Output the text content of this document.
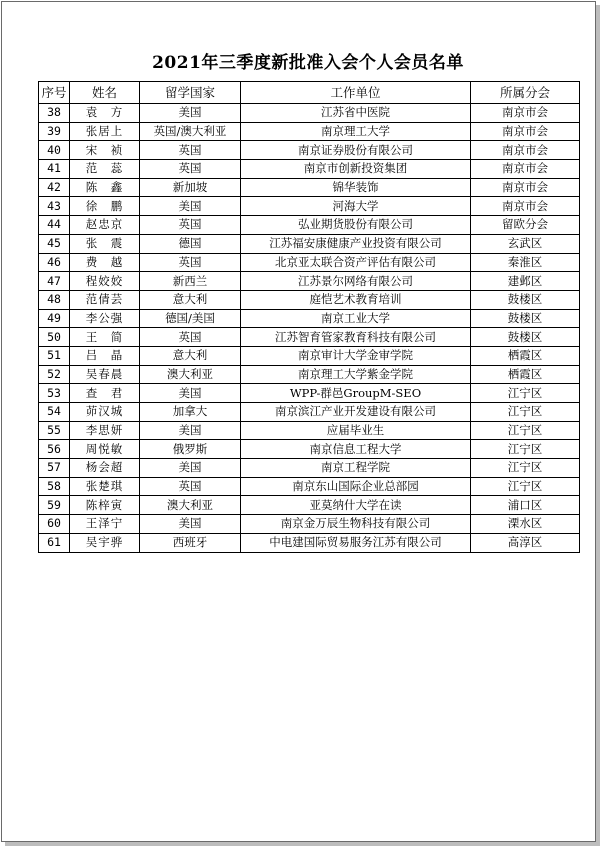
2021年三季度新批准入会个人会员名单
序号	姓名	留学国家	工作单位	所属分会
38	袁　方	美国	江苏省中医院	南京市会
39	张居上	英国/澳大利亚	南京理工大学	南京市会
40	宋　祯	英国	南京证券股份有限公司	南京市会
41	范　蕊	英国	南京市创新投资集团	南京市会
42	陈　鑫	新加坡	锦华装饰	南京市会
43	徐　鹏	美国	河海大学	南京市会
44	赵忠京	英国	弘业期货股份有限公司	留欧分会
45	张　震	德国	江苏福安康健康产业投资有限公司	玄武区
46	费　越	英国	北京亚太联合资产评估有限公司	秦淮区
47	程姣姣	新西兰	江苏景尔网络有限公司	建邺区
48	范倩芸	意大利	庭恺艺术教育培训	鼓楼区
49	李公强	德国/美国	南京工业大学	鼓楼区
50	王　简	英国	江苏智育管家教育科技有限公司	鼓楼区
51	吕　晶	意大利	南京审计大学金审学院	栖霞区
52	吴春晨	澳大利亚	南京理工大学紫金学院	栖霞区
53	查　君	美国	WPP-群邑GroupM-SEO	江宁区
54	茆汉城	加拿大	南京滨江产业开发建设有限公司	江宁区
55	李思妍	美国	应届毕业生	江宁区
56	周悦敏	俄罗斯	南京信息工程大学	江宁区
57	杨会超	美国	南京工程学院	江宁区
58	张楚琪	英国	南京东山国际企业总部园	江宁区
59	陈梓寅	澳大利亚	亚莫纳什大学在读	浦口区
60	王泽宁	美国	南京金万辰生物科技有限公司	溧水区
61	吴宇骅	西班牙	中电建国际贸易服务江苏有限公司	高淳区
